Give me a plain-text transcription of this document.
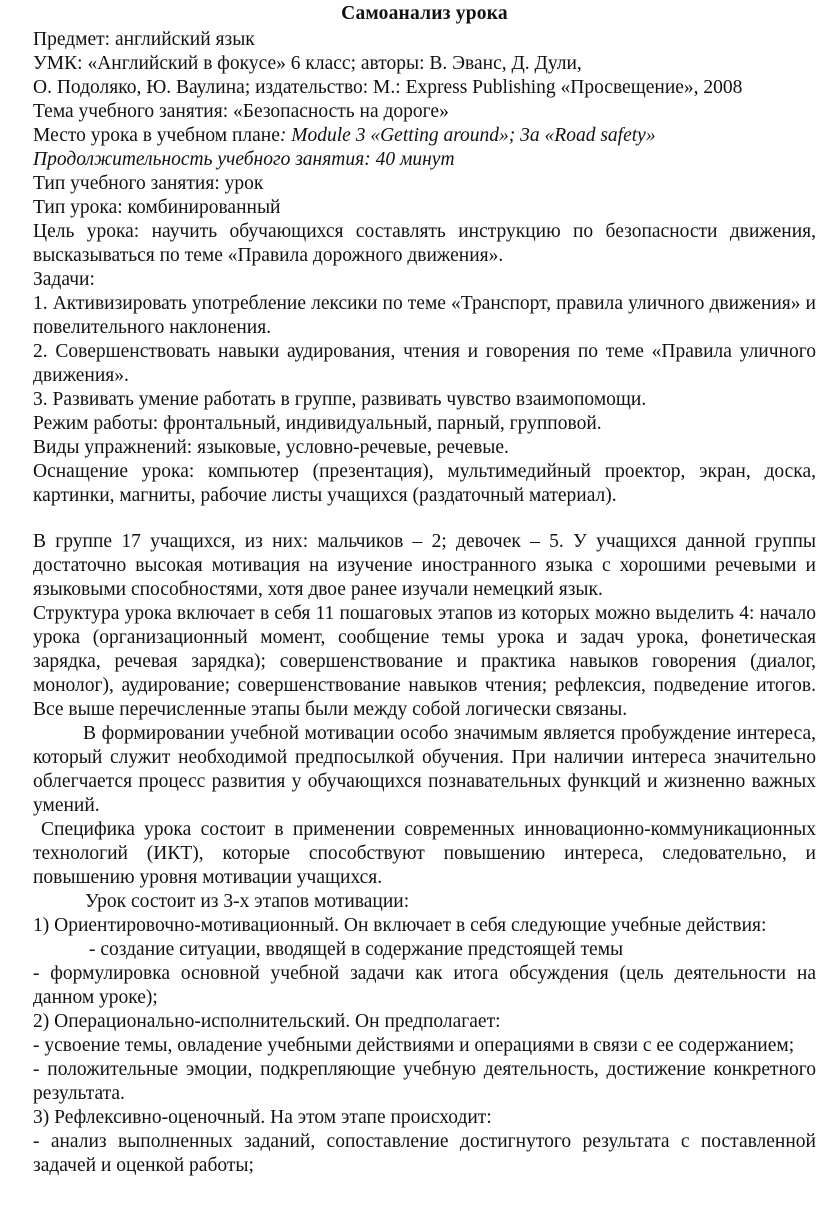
Самоанализ урока
Предмет: английский язык
УМК: «Английский в фокусе» 6 класс; авторы: В. Эванс, Д. Дули,
О. Подоляко, Ю. Ваулина; издательство: М.: Express Publishing «Просвещение», 2008
Тема учебного занятия: «Безопасность на дороге»
Место урока в учебном плане: Module 3 «Getting around»; 3a «Road safety»
Продолжительность учебного занятия: 40 минут
Тип учебного занятия: урок
Тип урока: комбинированный
Цель урока: научить обучающихся составлять инструкцию по безопасности движения, высказываться по теме «Правила дорожного движения».
Задачи:
1. Активизировать употребление лексики по теме «Транспорт, правила уличного движения» и повелительного наклонения.
2. Совершенствовать навыки аудирования, чтения и говорения по теме «Правила уличного движения».
3. Развивать умение работать в группе, развивать чувство взаимопомощи.
Режим работы: фронтальный, индивидуальный, парный, групповой.
Виды упражнений: языковые, условно-речевые, речевые.
Оснащение урока: компьютер (презентация), мультимедийный проектор, экран, доска, картинки, магниты, рабочие листы учащихся (раздаточный материал).
В группе 17 учащихся, из них: мальчиков – 2; девочек – 5. У учащихся данной группы достаточно высокая мотивация на изучение иностранного языка с хорошими речевыми и языковыми способностями, хотя двое ранее изучали немецкий язык.
Структура урока включает в себя 11 пошаговых этапов из которых можно выделить 4: начало урока (организационный момент, сообщение темы урока и задач урока, фонетическая зарядка, речевая зарядка); совершенствование и практика навыков говорения (диалог, монолог), аудирование; совершенствование навыков чтения; рефлексия, подведение итогов. Все выше перечисленные этапы были между собой логически связаны.
В формировании учебной мотивации особо значимым является пробуждение интереса, который служит необходимой предпосылкой обучения. При наличии интереса значительно облегчается процесс развития у обучающихся познавательных функций и жизненно важных умений.
Специфика урока состоит в применении современных инновационно-коммуникационных технологий (ИКТ), которые способствуют повышению интереса, следовательно, и повышению уровня мотивации учащихся.
Урок состоит из 3-х этапов мотивации:
1) Ориентировочно-мотивационный. Он включает в себя следующие учебные действия:
- создание ситуации, вводящей в содержание предстоящей темы
- формулировка основной учебной задачи как итога обсуждения (цель деятельности на данном уроке);
2) Операционально-исполнительский. Он предполагает:
- усвоение темы, овладение учебными действиями и операциями в связи с ее содержанием;
- положительные эмоции, подкрепляющие учебную деятельность, достижение конкретного результата.
3) Рефлексивно-оценочный. На этом этапе происходит:
- анализ выполненных заданий, сопоставление достигнутого результата с поставленной задачей и оценкой работы;
